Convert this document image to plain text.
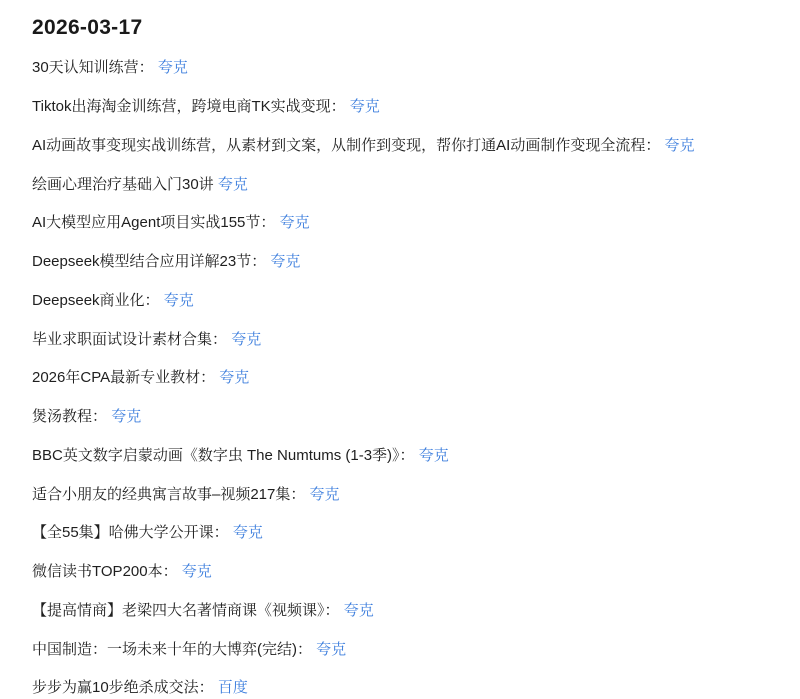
2026-03-17

30天认知训练营： 夸克

Tiktok出海淘金训练营，跨境电商TK实战变现： 夸克

AI动画故事变现实战训练营，从素材到文案，从制作到变现，帮你打通AI动画制作变现全流程： 夸克

绘画心理治疗基础入门30讲 夸克

AI大模型应用Agent项目实战155节： 夸克

Deepseek模型结合应用详解23节： 夸克

Deepseek商业化： 夸克

毕业求职面试设计素材合集： 夸克

2026年CPA最新专业教材： 夸克

煲汤教程： 夸克

BBC英文数字启蒙动画《数字虫 The Numtums (1-3季)》： 夸克

适合小朋友的经典寓言故事–视频217集： 夸克

【全55集】哈佛大学公开课： 夸克

微信读书TOP200本： 夸克

【提高情商】老梁四大名著情商课《视频课》： 夸克

中国制造：一场未来十年的大博弈(完结)： 夸克

步步为赢10步绝杀成交法： 百度
